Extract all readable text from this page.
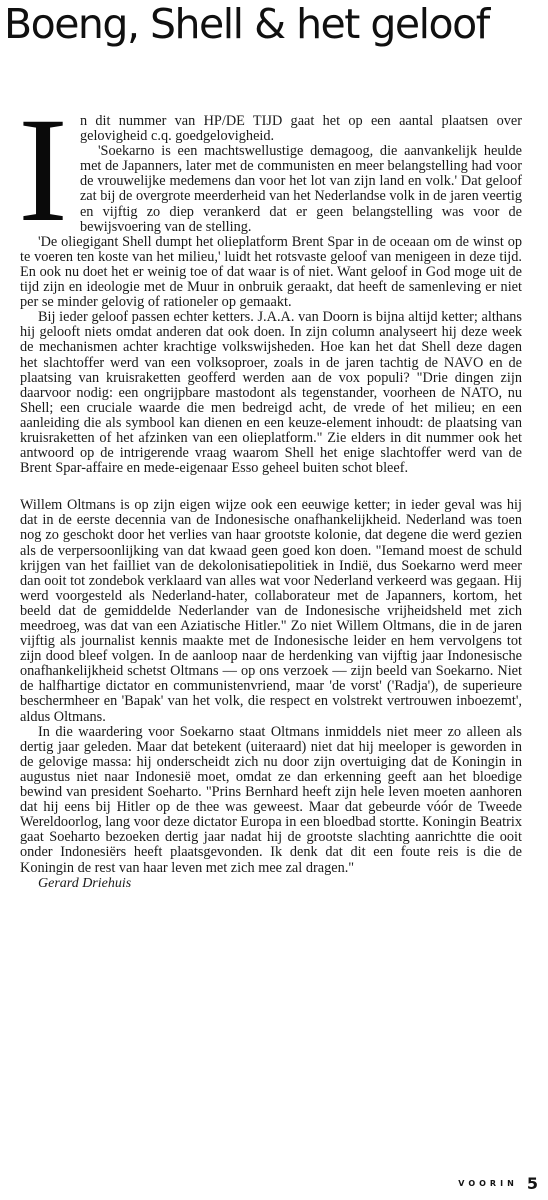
Boeng, Shell & het geloof

I n dit nummer van HP/DE TIJD gaat het op een aantal plaatsen over gelovigheid c.q. goedgelovigheid.

'Soekarno is een machtswellustige demagoog, die aanvankelijk heulde met de Japanners, later met de communisten en meer belangstelling had voor de vrouwelijke medemens dan voor het lot van zijn land en volk.' Dat geloof zat bij de overgrote meerderheid van het Nederlandse volk in de jaren veertig en vijftig zo diep verankerd dat er geen belangstelling was voor de bewijsvoering van de stelling.

'De oliegigant Shell dumpt het olieplatform Brent Spar in de oceaan om de winst op te voeren ten koste van het milieu,' luidt het rotsvaste geloof van menigeen in deze tijd. En ook nu doet het er weinig toe of dat waar is of niet. Want geloof in God moge uit de tijd zijn en ideologie met de Muur in onbruik geraakt, dat heeft de samenleving er niet per se minder gelovig of rationeler op gemaakt.

Bij ieder geloof passen echter ketters. J.A.A. van Doorn is bijna altijd ketter; althans hij gelooft niets omdat anderen dat ook doen. In zijn column analyseert hij deze week de mechanismen achter krachtige volkswijsheden. Hoe kan het dat Shell deze dagen het slachtoffer werd van een volksoproer, zoals in de jaren tachtig de NAVO en de plaatsing van kruisraketten geofferd werden aan de vox populi? "Drie dingen zijn daarvoor nodig: een ongrijpbare mastodont als tegenstander, voorheen de NATO, nu Shell; een cruciale waarde die men bedreigd acht, de vrede of het milieu; en een aanleiding die als symbool kan dienen en een keuze-element inhoudt: de plaatsing van kruisraketten of het afzinken van een olieplatform." Zie elders in dit nummer ook het antwoord op de intrigerende vraag waarom Shell het enige slachtoffer werd van de Brent Spar-affaire en mede-eigenaar Esso geheel buiten schot bleef.

Willem Oltmans is op zijn eigen wijze ook een eeuwige ketter; in ieder geval was hij dat in de eerste decennia van de Indonesische onafhankelijkheid. Nederland was toen nog zo geschokt door het verlies van haar grootste kolonie, dat degene die werd gezien als de verpersoonlijking van dat kwaad geen goed kon doen. "Iemand moest de schuld krijgen van het failliet van de dekolonisatiepolitiek in Indië, dus Soekarno werd meer dan ooit tot zondebok verklaard van alles wat voor Nederland verkeerd was gegaan. Hij werd voorgesteld als Nederland-hater, collaborateur met de Japanners, kortom, het beeld dat de gemiddelde Nederlander van de Indonesische vrijheidsheld met zich meedroeg, was dat van een Aziatische Hitler." Zo niet Willem Oltmans, die in de jaren vijftig als journalist kennis maakte met de Indonesische leider en hem vervolgens tot zijn dood bleef volgen. In de aanloop naar de herdenking van vijftig jaar Indonesische onafhankelijkheid schetst Oltmans — op ons verzoek — zijn beeld van Soekarno. Niet de halfhartige dictator en communistenvriend, maar 'de vorst' ('Radja'), de superieure beschermheer en 'Bapak' van het volk, die respect en volstrekt vertrouwen inboezemt', aldus Oltmans.

In die waardering voor Soekarno staat Oltmans inmiddels niet meer zo alleen als dertig jaar geleden. Maar dat betekent (uiteraard) niet dat hij meeloper is geworden in de gelovige massa: hij onderscheidt zich nu door zijn overtuiging dat de Koningin in augustus niet naar Indonesië moet, omdat ze dan erkenning geeft aan het bloedige bewind van president Soeharto. "Prins Bernhard heeft zijn hele leven moeten aanhoren dat hij eens bij Hitler op de thee was geweest. Maar dat gebeurde vóór de Tweede Wereldoorlog, lang voor deze dictator Europa in een bloedbad stortte. Koningin Beatrix gaat Soeharto bezoeken dertig jaar nadat hij de grootste slachting aanrichtte die ooit onder Indonesiërs heeft plaatsgevonden. Ik denk dat dit een foute reis is die de Koningin de rest van haar leven met zich mee zal dragen."

Gerard Driehuis

VOORIN 5
